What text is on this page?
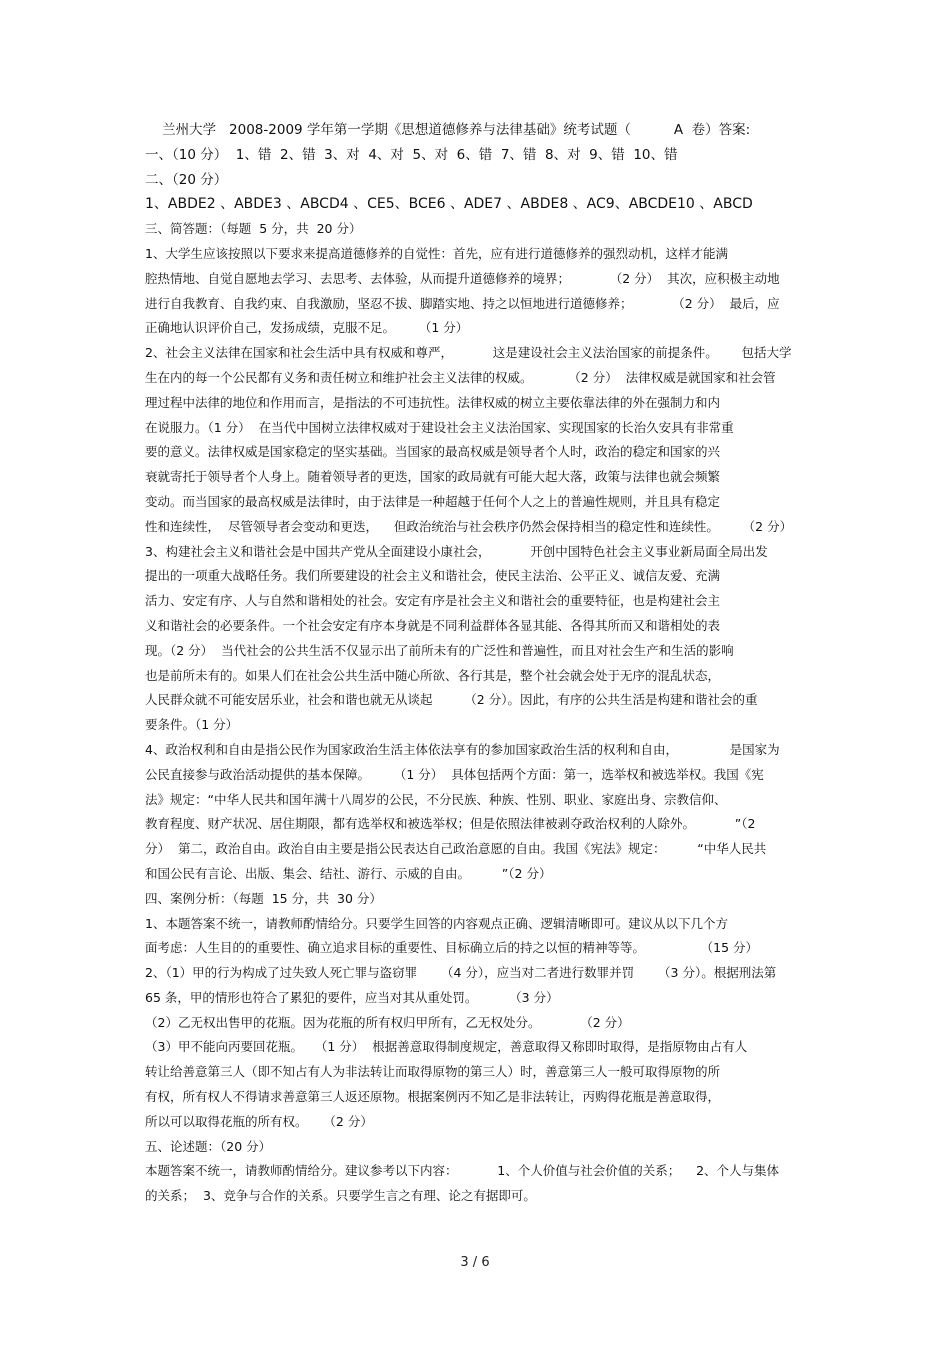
兰州大学   2008-2009 学年第一学期《思想道德修养与法律基础》统考试题（          A  卷）答案:
一、（10 分）  1、错  2、错  3、对  4、对  5、对  6、错  7、错  8、对  9、错  10、错
二、（20 分）
1、ABDE2 、ABDE3 、ABCD4 、CE5、BCE6 、ADE7 、ABDE8 、AC9、ABCDE10 、ABCD
三、简答题：（每题  5 分，共  20 分）
1、大学生应该按照以下要求来提高道德修养的自觉性：首先，应有进行道德修养的强烈动机，这样才能满
腔热情地、自觉自愿地去学习、去思考、去体验，从而提升道德修养的境界；          （2 分）  其次，应积极主动地
进行自我教育、自我约束、自我激励，坚忍不拔、脚踏实地、持之以恒地进行道德修养；          （2 分）  最后，应
正确地认识评价自己，发扬成绩，克服不足。      （1 分）
2、社会主义法律在国家和社会生活中具有权威和尊严，          这是建设社会主义法治国家的前提条件。      包括大学
生在内的每一个公民都有义务和责任树立和维护社会主义法律的权威。         （2 分）  法律权威是就国家和社会管
理过程中法律的地位和作用而言，是指法的不可违抗性。法律权威的树立主要依靠法律的外在强制力和内
在说服力。（1 分）  在当代中国树立法律权威对于建设社会主义法治国家、实现国家的长治久安具有非常重
要的意义。法律权威是国家稳定的坚实基础。当国家的最高权威是领导者个人时，政治的稳定和国家的兴
衰就寄托于领导者个人身上。随着领导者的更迭，国家的政局就有可能大起大落，政策与法律也就会频繁
变动。而当国家的最高权威是法律时，由于法律是一种超越于任何个人之上的普遍性规则，并且具有稳定
性和连续性，  尽管领导者会变动和更迭，    但政治统治与社会秩序仍然会保持相当的稳定性和连续性。      （2 分）
3、构建社会主义和谐社会是中国共产党从全面建设小康社会，          开创中国特色社会主义事业新局面全局出发
提出的一项重大战略任务。我们所要建设的社会主义和谐社会，使民主法治、公平正义、诚信友爱、充满
活力、安定有序、人与自然和谐相处的社会。安定有序是社会主义和谐社会的重要特征，也是构建社会主
义和谐社会的必要条件。一个社会安定有序本身就是不同利益群体各显其能、各得其所而又和谐相处的表
现。（2 分）  当代社会的公共生活不仅显示出了前所未有的广泛性和普遍性，而且对社会生产和生活的影响
也是前所未有的。如果人们在社会公共生活中随心所欲、各行其是，整个社会就会处于无序的混乱状态，
人民群众就不可能安居乐业，社会和谐也就无从谈起        （2 分）。因此，有序的公共生活是构建和谐社会的重
要条件。（1 分）
4、政治权利和自由是指公民作为国家政治生活主体依法享有的参加国家政治生活的权利和自由，             是国家为
公民直接参与政治活动提供的基本保障。      （1 分）  具体包括两个方面：第一，选举权和被选举权。我国《宪
法》规定：“中华人民共和国年满十八周岁的公民，不分民族、种族、性别、职业、家庭出身、宗教信仰、
教育程度、财产状况、居住期限，都有选举权和被选举权；但是依照法律被剥夺政治权利的人除外。          ”（2
分）  第二，政治自由。政治自由主要是指公民表达自己政治意愿的自由。我国《宪法》规定：        “中华人民共
和国公民有言论、出版、集会、结社、游行、示威的自由。        ”（2 分）
四、案例分析：（每题  15 分，共  30 分）
1、本题答案不统一，请教师酌情给分。只要学生回答的内容观点正确、逻辑清晰即可。建议从以下几个方
面考虑：人生目的的重要性、确立追求目标的重要性、目标确立后的持之以恒的精神等等。              （15 分）
2、（1）甲的行为构成了过失致人死亡罪与盗窃罪      （4 分），应当对二者进行数罪并罚      （3 分）。根据刑法第
65 条，甲的情形也符合了累犯的要件，应当对其从重处罚。        （3 分）
（2）乙无权出售甲的花瓶。因为花瓶的所有权归甲所有，乙无权处分。          （2 分）
（3）甲不能向丙要回花瓶。   （1 分）  根据善意取得制度规定，善意取得又称即时取得，是指原物由占有人
转让给善意第三人（即不知占有人为非法转让而取得原物的第三人）时，善意第三人一般可取得原物的所
有权，所有权人不得请求善意第三人返还原物。根据案例丙不知乙是非法转让，丙购得花瓶是善意取得，
所以可以取得花瓶的所有权。    （2 分）
五、论述题：（20 分）
本题答案不统一，请教师酌情给分。建议参考以下内容：          1、个人价值与社会价值的关系；    2、个人与集体
的关系；  3、竞争与合作的关系。只要学生言之有理、论之有据即可。
3 / 6
